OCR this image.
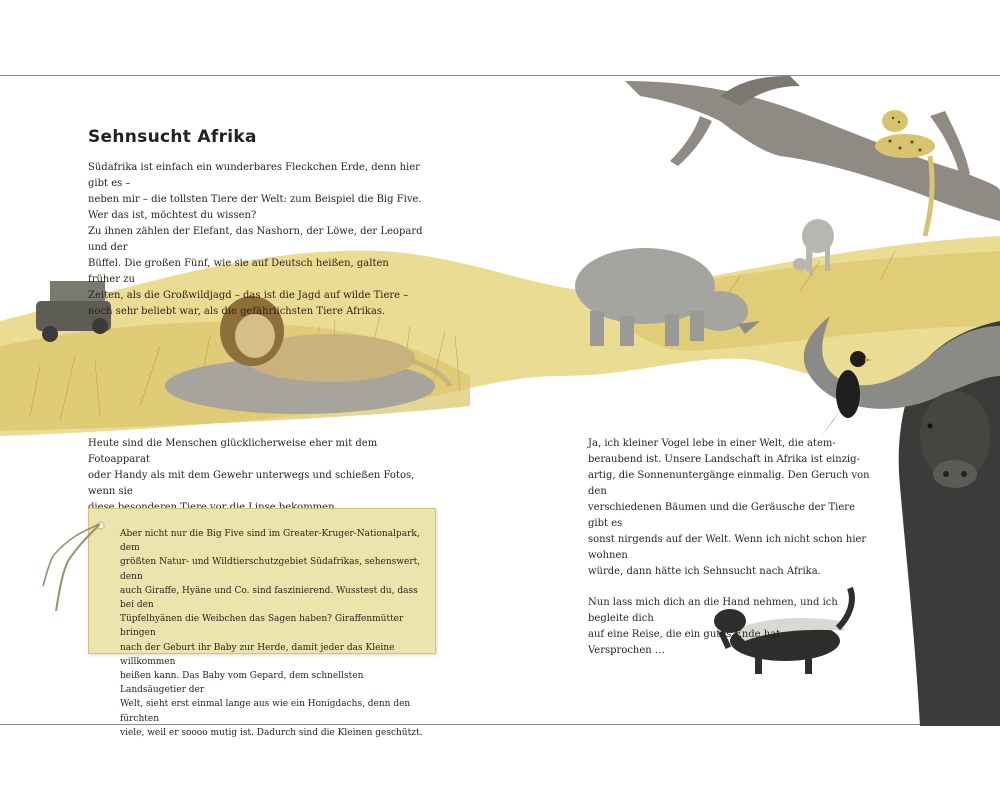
Sehnsucht Afrika

Südafrika ist einfach ein wunderbares Fleckchen Erde, denn hier gibt es –

neben mir – die tollsten Tiere der Welt: zum Beispiel die Big Five.

Wer das ist, möchtest du wissen?

Zu ihnen zählen der Elefant, das Nashorn, der Löwe, der Leopard und der

Büffel. Die großen Fünf, wie sie auf Deutsch heißen, galten früher zu

Zeiten, als die Großwildjagd – das ist die Jagd auf wilde Tiere –

noch sehr beliebt war, als die gefährlichsten Tiere Afrikas.

Heute sind die Menschen glücklicherweise eher mit dem Fotoapparat

oder Handy als mit dem Gewehr unterwegs und schießen Fotos, wenn sie

Aber nicht nur die Big Five sind im Greater-Kruger-Nationalpark, dem
größten Natur- und Wildtierschutzgebiet Südafrikas, sehenswert, denn
auch Giraffe, Hyäne und Co. sind faszinierend. Wusstest du, dass bei den
Tüpfelhyänen die Weibchen das Sagen haben? Giraffenmütter bringen
nach der Geburt ihr Baby zur Herde, damit jeder das Kleine willkommen
heißen kann. Das Baby vom Gepard, dem schnellsten Landsäugetier der
Welt, sieht erst einmal lange aus wie ein Honigdachs, denn den fürchten
viele, weil er soooo mutig ist. Dadurch sind die Kleinen geschützt.

Ja, ich kleiner Vogel lebe in einer Welt, die atem-
beraubend ist. Unsere Landschaft in Afrika ist einzig-
artig, die Sonnenuntergänge einmalig. Den Geruch von den
verschiedenen Bäumen und die Geräusche der Tiere gibt es
sonst nirgends auf der Welt. Wenn ich nicht schon hier wohnen
würde, dann hätte ich Sehnsucht nach Afrika.

Nun lass mich dich an die Hand nehmen, und ich begleite dich
auf eine Reise, die ein gutes Ende hat.
Versprochen …
